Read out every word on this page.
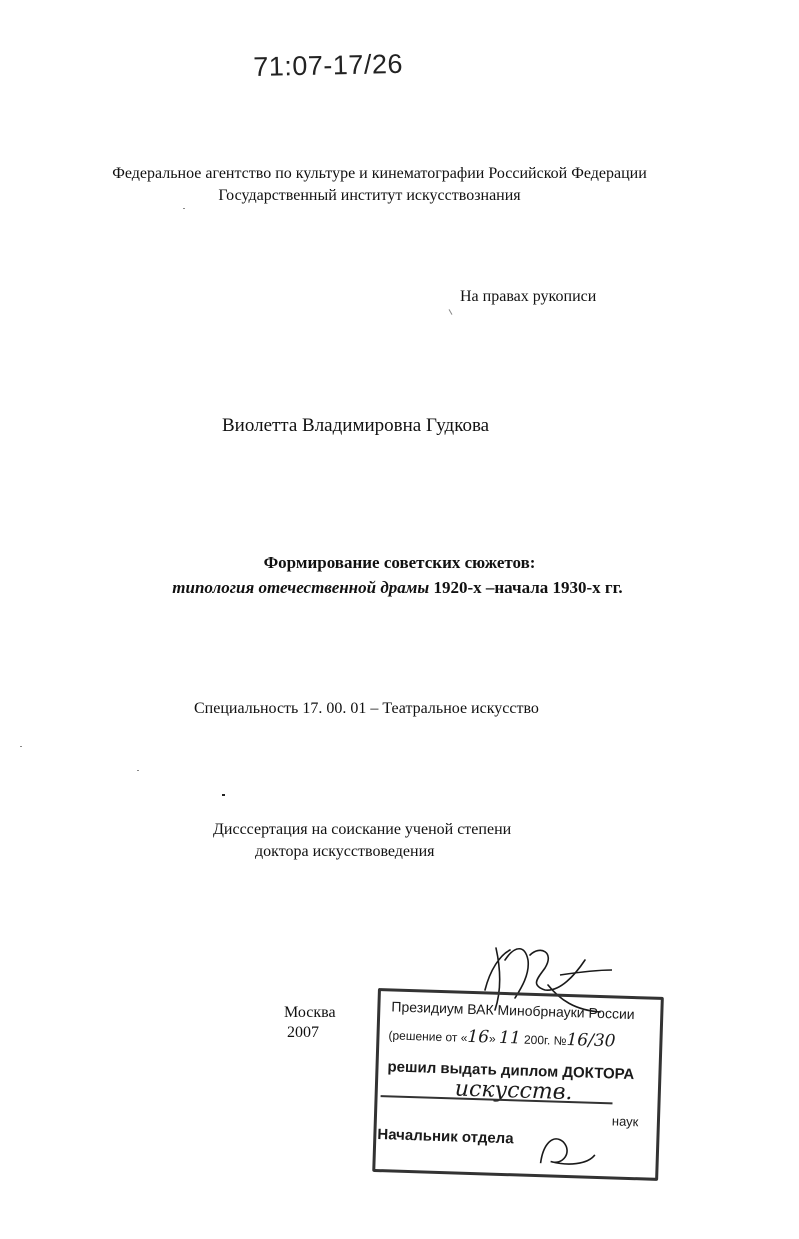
71:07-17/26
Федеральное агентство по культуре и кинематографии Российской Федерации
Государственный институт искусствознания
На правах рукописи
Виолетта Владимировна Гудкова
Формирование советских сюжетов:
типология отечественной драмы 1920-х –начала 1930-х гг.
Специальность 17. 00. 01 – Театральное искусство
Дисссертация на соискание ученой степени
доктора искусствоведения
Москва
2007
Президиум ВАК Минобрнауки России
(решение от «16» 11 200г. №16/30
решил выдать диплом ДОКТОРА
искусств.
наук
Начальник отдела
